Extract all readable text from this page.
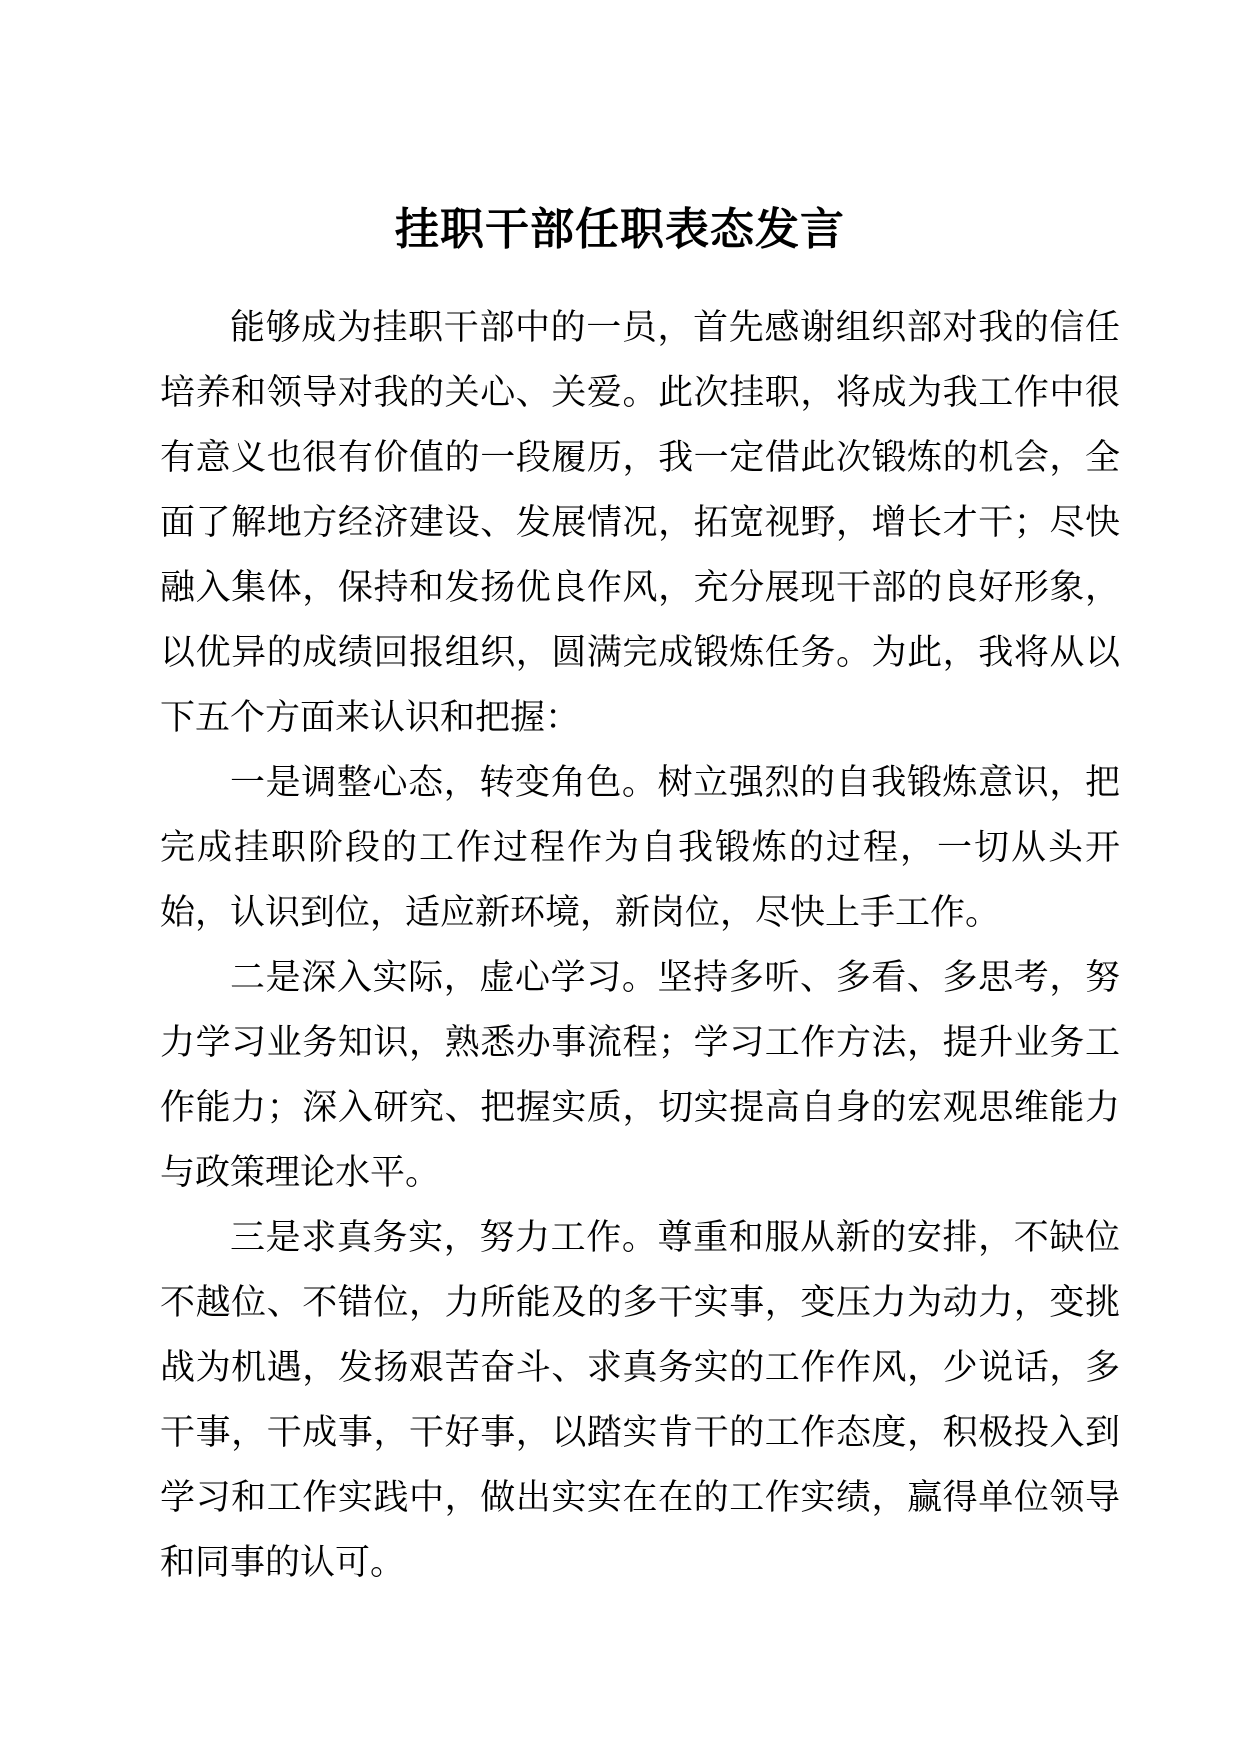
挂职干部任职表态发言

能够成为挂职干部中的一员，首先感谢组织部对我的信任培养和领导对我的关心、关爱。此次挂职，将成为我工作中很有意义也很有价值的一段履历，我一定借此次锻炼的机会，全面了解地方经济建设、发展情况，拓宽视野，增长才干；尽快融入集体，保持和发扬优良作风，充分展现干部的良好形象，以优异的成绩回报组织，圆满完成锻炼任务。为此，我将从以下五个方面来认识和把握：

一是调整心态，转变角色。树立强烈的自我锻炼意识，把完成挂职阶段的工作过程作为自我锻炼的过程，一切从头开始，认识到位，适应新环境，新岗位，尽快上手工作。

二是深入实际，虚心学习。坚持多听、多看、多思考，努力学习业务知识，熟悉办事流程；学习工作方法，提升业务工作能力；深入研究、把握实质，切实提高自身的宏观思维能力与政策理论水平。

三是求真务实，努力工作。尊重和服从新的安排，不缺位不越位、不错位，力所能及的多干实事，变压力为动力，变挑战为机遇，发扬艰苦奋斗、求真务实的工作作风，少说话，多干事，干成事，干好事，以踏实肯干的工作态度，积极投入到学习和工作实践中，做出实实在在的工作实绩，赢得单位领导和同事的认可。
